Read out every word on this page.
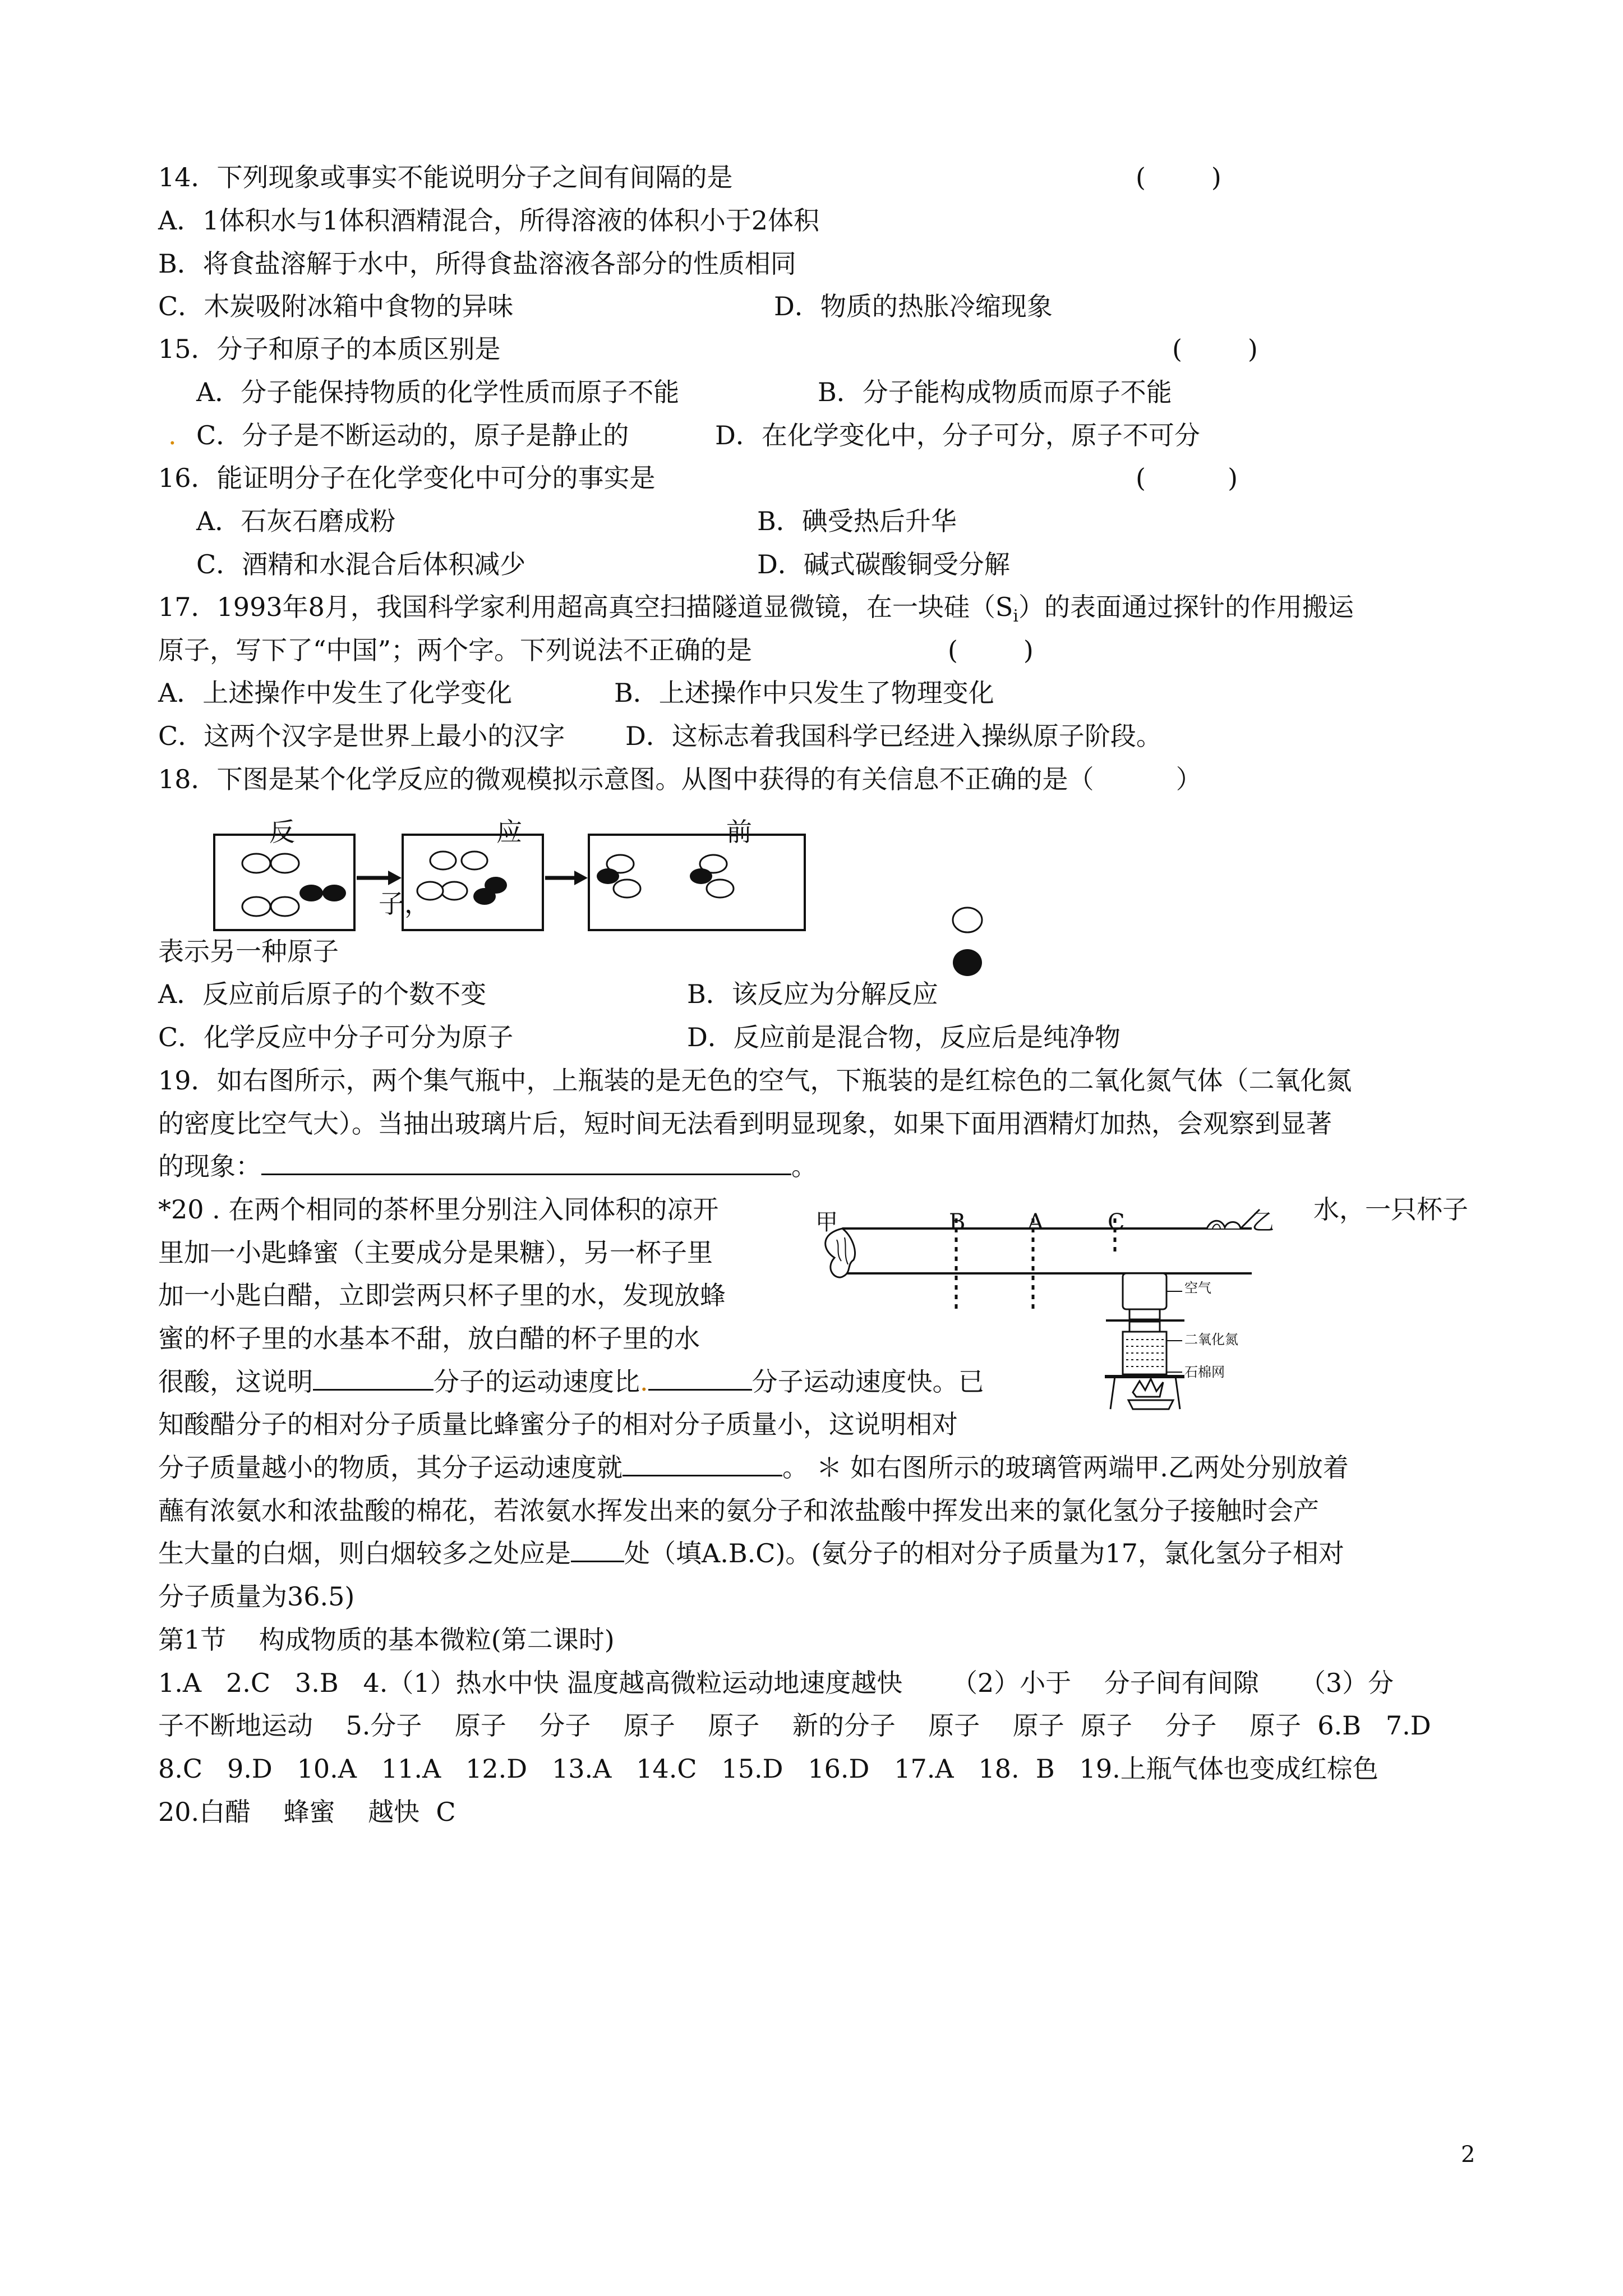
14．下列现象或事实不能说明分子之间有间隔的是	(        )
A．1体积水与1体积酒精混合，所得溶液的体积小于2体积
B．将食盐溶解于水中，所得食盐溶液各部分的性质相同
C．木炭吸附冰箱中食物的异味	D．物质的热胀冷缩现象
15．分子和原子的本质区别是	(        )
A．分子能保持物质的化学性质而原子不能	B．分子能构成物质而原子不能
. C．分子是不断运动的，原子是静止的	D．在化学变化中，分子可分，原子不可分
16．能证明分子在化学变化中可分的事实是	(          )
A．石灰石磨成粉	B．碘受热后升华
C．酒精和水混合后体积减少	D．碱式碳酸铜受分解
17．1993年8月，我国科学家利用超高真空扫描隧道显微镜，在一块硅$(S_i)$的表面通过探针的作用搬运
原子，写下了“中国”；两个字。下列说法不正确的是	(        )
A．上述操作中发生了化学变化	B．上述操作中只发生了物理变化
C．这两个汉字是世界上最小的汉字 D．这标志着我国科学已经进入操纵原子阶段。
18．下图是某个化学反应的微观模拟示意图。从图中获得的有关信息不正确的是（          ）
反	应	前
子，
表示另一种原子
A．反应前后原子的个数不变	B．该反应为分解反应
C．化学反应中分子可分为原子	D．反应前是混合物，反应后是纯净物
19．如右图所示，两个集气瓶中，上瓶装的是无色的空气，下瓶装的是红棕色的二氧化氮气体（二氧化氮
的密度比空气大）。当抽出玻璃片后，短时间无法看到明显现象，如果下面用酒精灯加热，会观察到显著
的现象：	。
*20 . 在两个相同的茶杯里分别注入同体积的凉开	水，一只杯子
里加一小匙蜂蜜（主要成分是果糖），另一杯子里
加一小匙白醋，立即尝两只杯子里的水，发现放蜂
蜜的杯子里的水基本不甜，放白醋的杯子里的水
很酸，这说明	分子的运动速度比.	分子运动速度快。已
知酸醋分子的相对分子质量比蜂蜜分子的相对分子质量小，这说明相对
分子质量越小的物质，其分子运动速度就	。 ＊ 如右图所示的玻璃管两端甲.乙两处分别放着
蘸有浓氨水和浓盐酸的棉花，若浓氨水挥发出来的氨分子和浓盐酸中挥发出来的氯化氢分子接触时会产
生大量的白烟，则白烟较多之处应是 处（填A.B.C)。(氨分子的相对分子质量为17，氯化氢分子相对
分子质量为36.5)
甲	B	A	C	乙
空气
二氧化氮
石棉网
第1节    构成物质的基本微粒(第二课时)
1.A   2.C   3.B   4.（1）热水中快 温度越高微粒运动地速度越快      （2）小于    分子间有间隙     （3）分
子不断地运动    5.分子    原子    分子    原子    原子    新的分子    原子    原子  原子    分子    原子  6.B   7.D
8.C   9.D   10.A   11.A   12.D   13.A   14.C   15.D   16.D   17.A   18.  B   19.上瓶气体也变成红棕色
20.白醋    蜂蜜    越快  C
2
